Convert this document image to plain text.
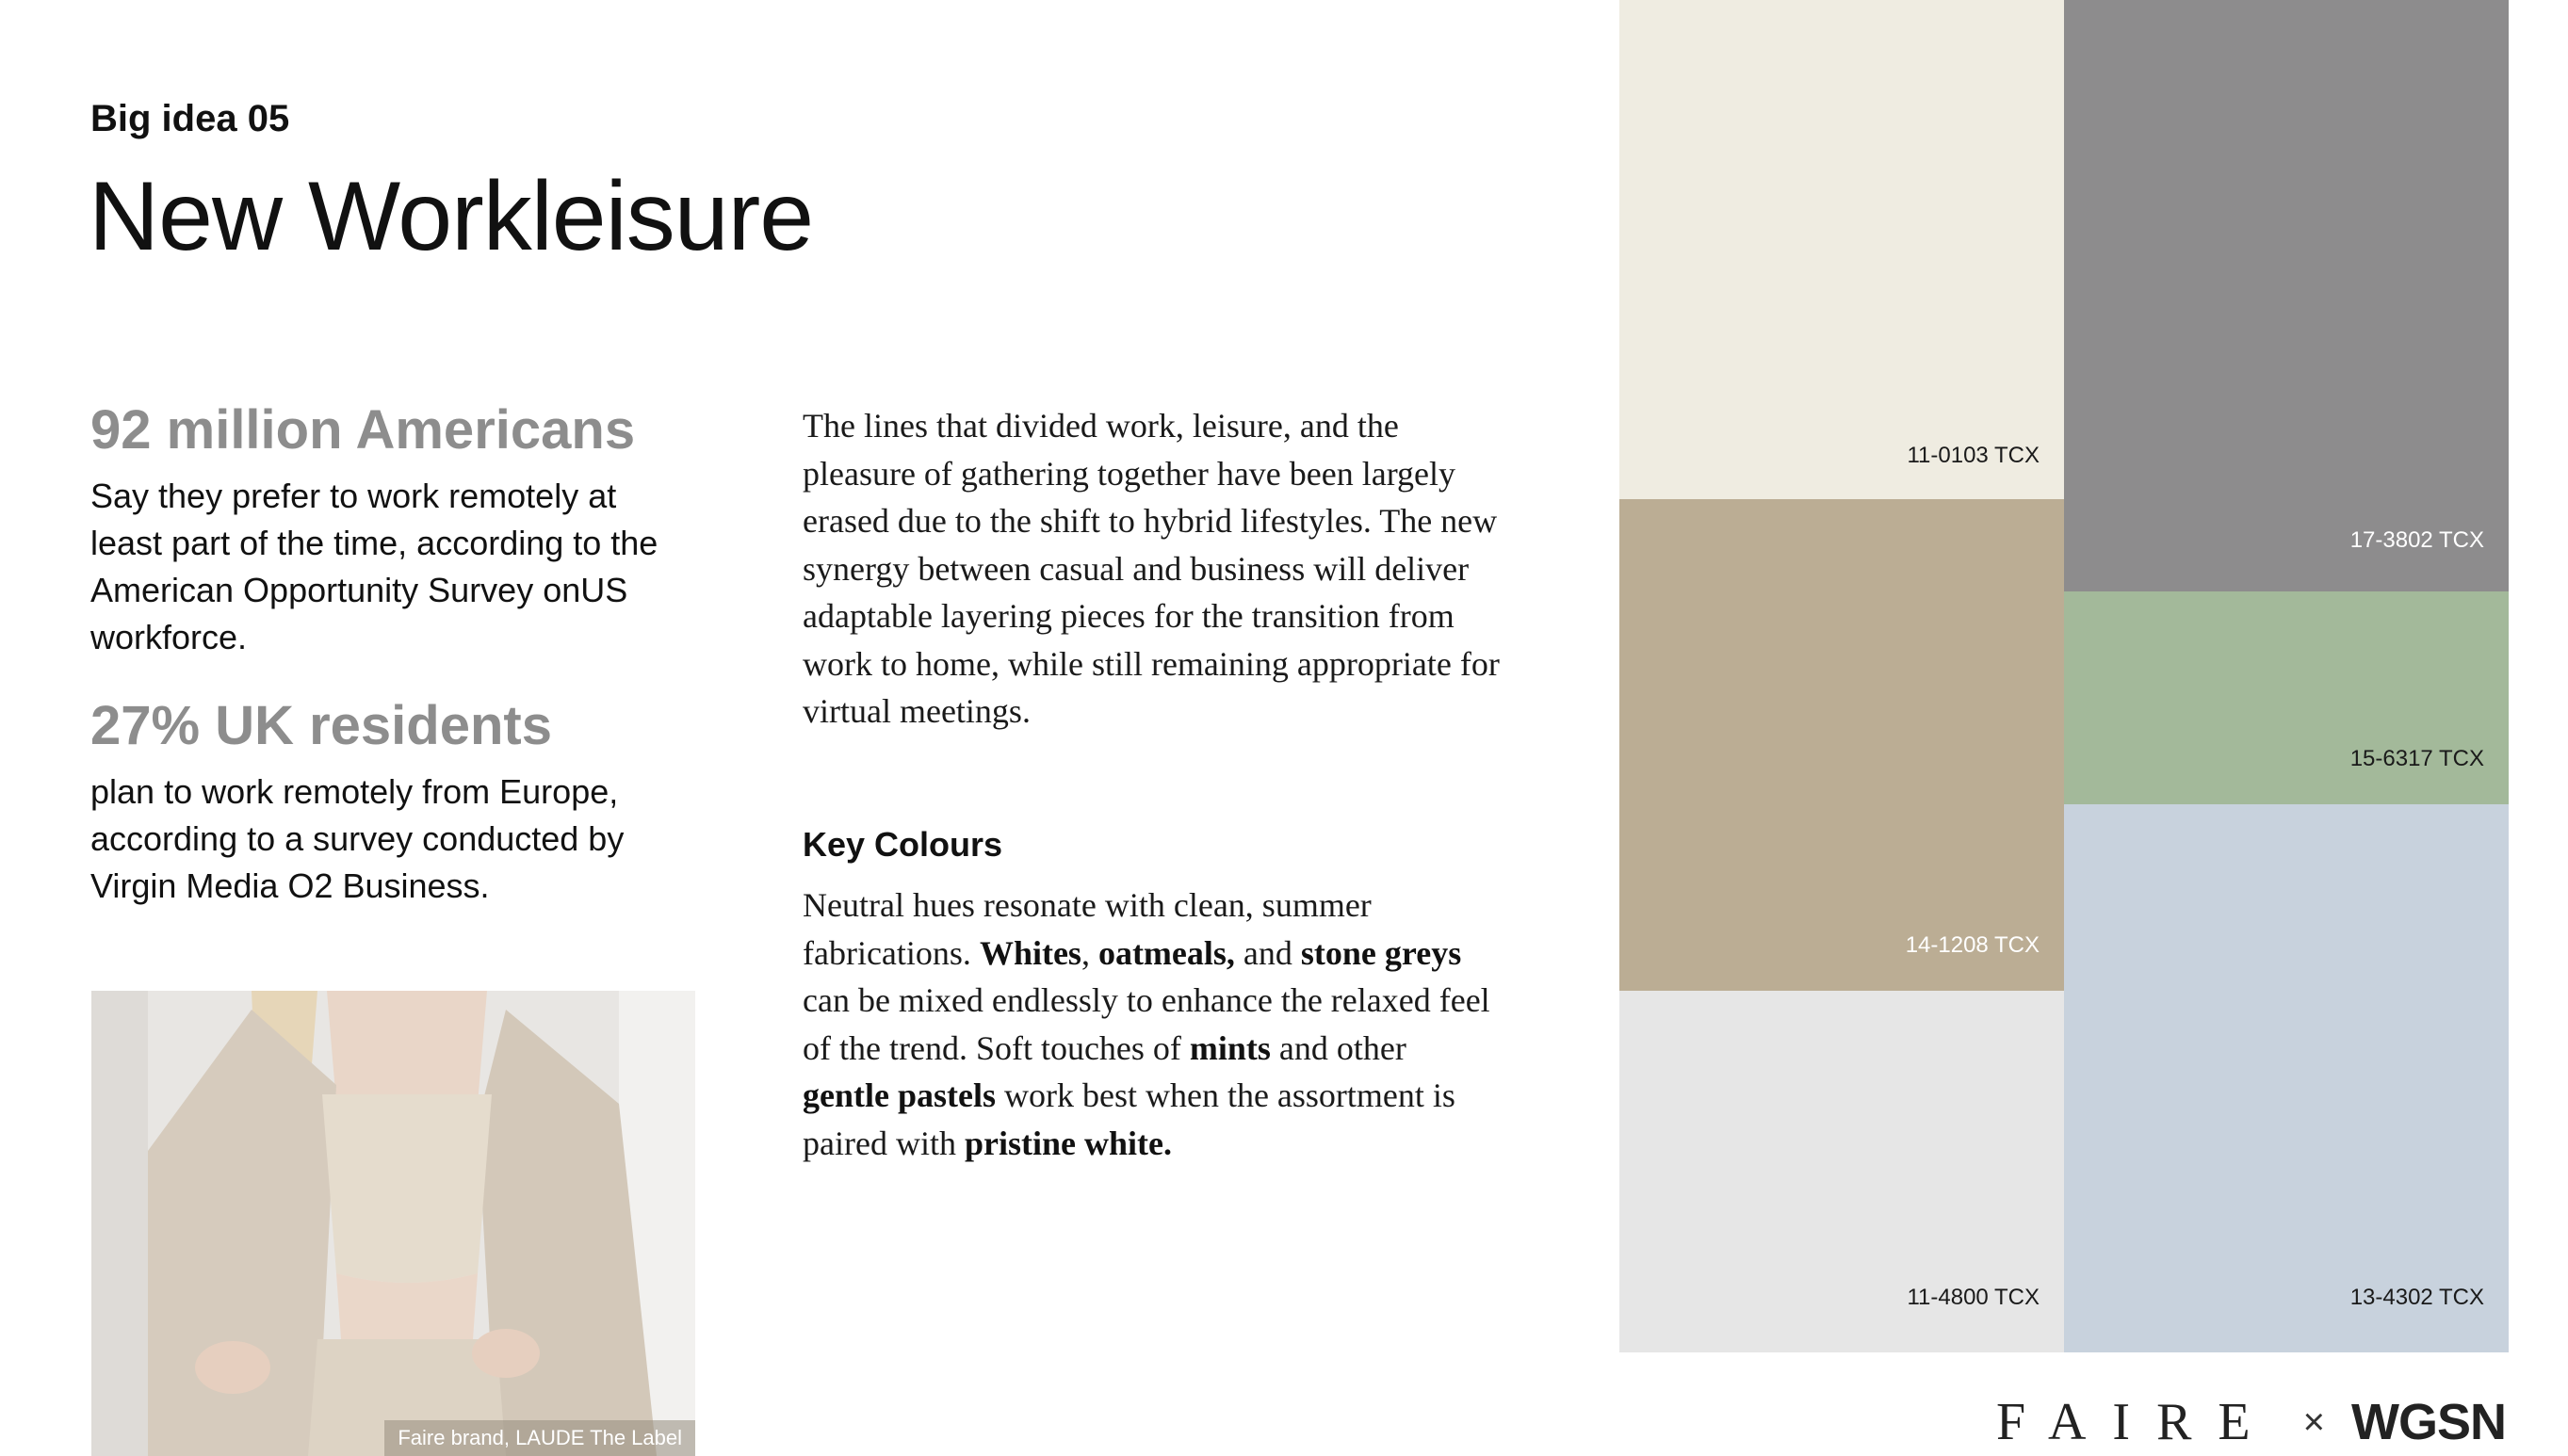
Big idea 05

New Workleisure
92 million Americans

Say they prefer to work remotely at least part of the time, according to the American Opportunity Survey onUS workforce.

27% UK residents

plan to work remotely from Europe, according to a survey conducted by Virgin Media O2 Business.

Faire brand, LAUDE The Label

The lines that divided work, leisure, and the pleasure of gathering together have been largely erased due to the shift to hybrid lifestyles. The new synergy between casual and business will deliver adaptable layering pieces for the transition from work to home, while still remaining appropriate for virtual meetings.

Key Colours

Neutral hues resonate with clean, summer fabrications. Whites, oatmeals, and stone greys can be mixed endlessly to enhance the relaxed feel of the trend. Soft touches of mints and other gentle pastels work best when the assortment is paired with pristine white.

11-0103 TCX
14-1208 TCX
11-4800 TCX
17-3802 TCX
15-6317 TCX
13-4302 TCX
FAIRE × WGSN
